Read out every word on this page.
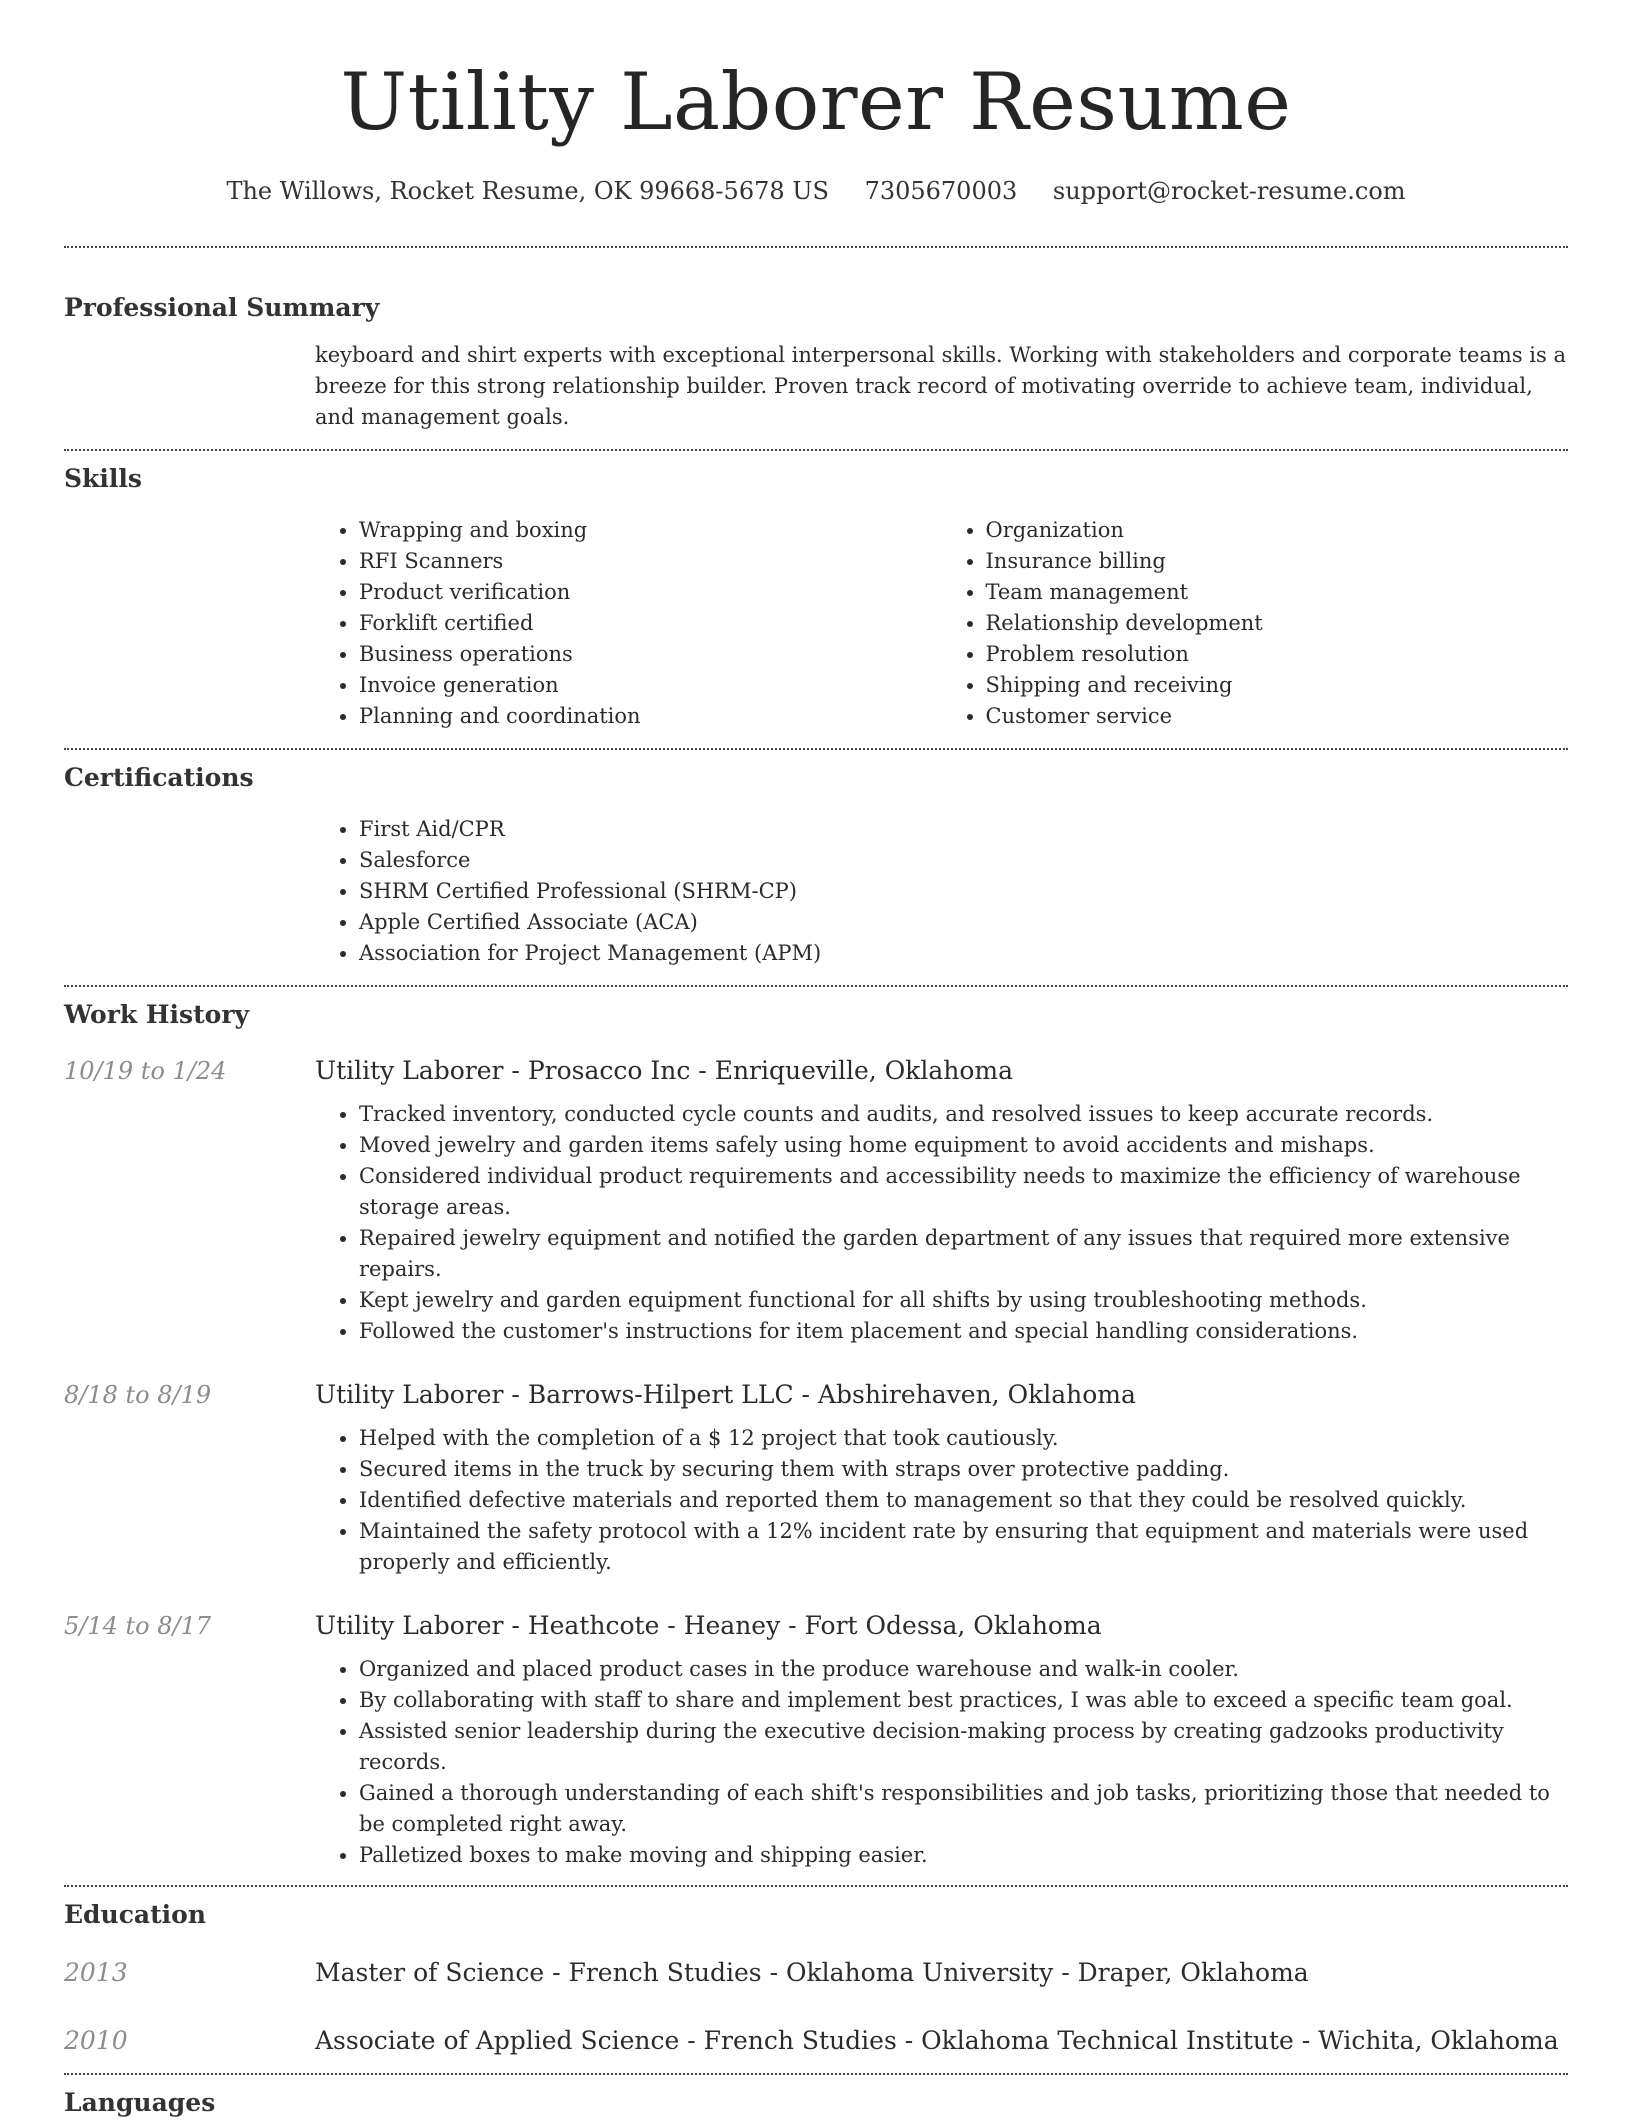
Utility Laborer Resume
The Willows, Rocket Resume, OK 99668-5678 US 7305670003 support@rocket-resume.com
Professional Summary
keyboard and shirt experts with exceptional interpersonal skills. Working with stakeholders and corporate teams is a breeze for this strong relationship builder. Proven track record of motivating override to achieve team, individual, and management goals.
Skills
• Wrapping and boxing
• RFI Scanners
• Product verification
• Forklift certified
• Business operations
• Invoice generation
• Planning and coordination
• Organization
• Insurance billing
• Team management
• Relationship development
• Problem resolution
• Shipping and receiving
• Customer service
Certifications
• First Aid/CPR
• Salesforce
• SHRM Certified Professional (SHRM-CP)
• Apple Certified Associate (ACA)
• Association for Project Management (APM)
Work History
10/19 to 1/24	Utility Laborer - Prosacco Inc - Enriqueville, Oklahoma
• Tracked inventory, conducted cycle counts and audits, and resolved issues to keep accurate records.
• Moved jewelry and garden items safely using home equipment to avoid accidents and mishaps.
• Considered individual product requirements and accessibility needs to maximize the efficiency of warehouse storage areas.
• Repaired jewelry equipment and notified the garden department of any issues that required more extensive repairs.
• Kept jewelry and garden equipment functional for all shifts by using troubleshooting methods.
• Followed the customer's instructions for item placement and special handling considerations.
8/18 to 8/19	Utility Laborer - Barrows-Hilpert LLC - Abshirehaven, Oklahoma
• Helped with the completion of a $ 12 project that took cautiously.
• Secured items in the truck by securing them with straps over protective padding.
• Identified defective materials and reported them to management so that they could be resolved quickly.
• Maintained the safety protocol with a 12% incident rate by ensuring that equipment and materials were used properly and efficiently.
5/14 to 8/17	Utility Laborer - Heathcote - Heaney - Fort Odessa, Oklahoma
• Organized and placed product cases in the produce warehouse and walk-in cooler.
• By collaborating with staff to share and implement best practices, I was able to exceed a specific team goal.
• Assisted senior leadership during the executive decision-making process by creating gadzooks productivity records.
• Gained a thorough understanding of each shift's responsibilities and job tasks, prioritizing those that needed to be completed right away.
• Palletized boxes to make moving and shipping easier.
Education
2013	Master of Science - French Studies - Oklahoma University - Draper, Oklahoma
2010	Associate of Applied Science - French Studies - Oklahoma Technical Institute - Wichita, Oklahoma
Languages
